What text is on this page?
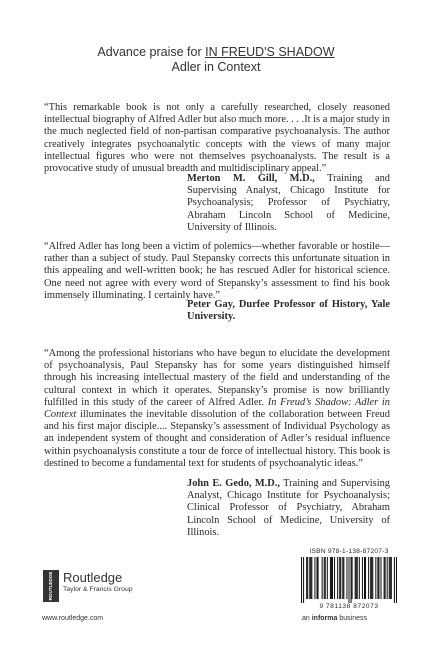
Advance praise for IN FREUD'S SHADOW
Adler in Context
“This remarkable book is not only a carefully researched, closely reasoned intellectual biography of Alfred Adler but also much more. . . .It is a major study in the much neglected field of non-partisan comparative psychoanalysis. The author creatively integrates psychoanalytic concepts with the views of many major intellectual figures who were not themselves psychoanalysts. The result is a provocative study of unusual breadth and multidisciplinary appeal.”
Merton M. Gill, M.D., Training and Supervising Analyst, Chicago Institute for Psychoanalysis; Professor of Psychiatry, Abraham Lincoln School of Medicine, University of Illinois.
“Alfred Adler has long been a victim of polemics—whether favorable or hostile—rather than a subject of study. Paul Stepansky corrects this unfortunate situation in this appealing and well-written book; he has rescued Adler for historical science. One need not agree with every word of Stepansky’s assessment to find his book immensely illuminating. I certainly have.”
Peter Gay, Durfee Professor of History, Yale University.
“Among the professional historians who have begun to elucidate the development of psychoanalysis, Paul Stepansky has for some years distinguished himself through his increasing intellectual mastery of the field and understanding of the cultural context in which it operates. Stepansky’s promise is now brilliantly fulfilled in this study of the career of Alfred Adler. In Freud’s Shadow: Adler in Context illuminates the inevitable dissolution of the collaboration between Freud and his first major disciple.... Stepansky’s assessment of Individual Psychology as an independent system of thought and consideration of Adler’s residual influence within psychoanalysis constitute a tour de force of intellectual history. This book is destined to become a fundamental text for students of psychoanalytic ideas.”
John E. Gedo, M.D., Training and Supervising Analyst, Chicago Institute for Psychoanalysis; Clinical Professor of Psychiatry, Abraham Lincoln School of Medicine, University of Illinois.
ROUTLEDGE Routledge
Taylor & Francis Group
www.routledge.com
ISBN 978-1-138-87207-3
9 781138 872073
an informa business
